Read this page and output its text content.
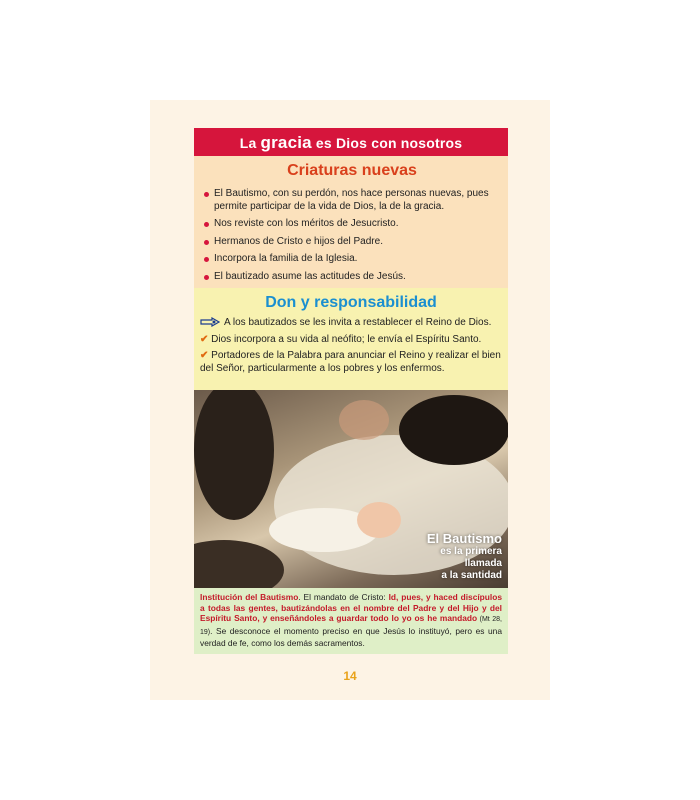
La gracia es Dios con nosotros
Criaturas nuevas
El Bautismo, con su perdón, nos hace personas nuevas, pues permite participar de la vida de Dios, la de la gracia.
Nos reviste con los méritos de Jesucristo.
Hermanos de Cristo e hijos del Padre.
Incorpora la familia de la Iglesia.
El bautizado asume las actitudes de Jesús.
Don y responsabilidad

A los bautizados se les invita a restablecer el Reino de Dios.

✔ Dios incorpora a su vida al neófito; le envía el Espíritu Santo.

✔ Portadores de la Palabra para anunciar el Reino y realizar el bien del Señor, particularmente a los pobres y los enfermos.

El Bautismo
es la primera
llamada
a la santidad
Institución del Bautismo. El mandato de Cristo: Id, pues, y haced discípulos a todas las gentes, bautizándolas en el nombre del Padre y del Hijo y del Espíritu Santo, y enseñándoles a guardar todo lo yo os he mandado (Mt 28, 19). Se desconoce el momento preciso en que Jesús lo instituyó, pero es una verdad de fe, como los demás sacramentos.
14
